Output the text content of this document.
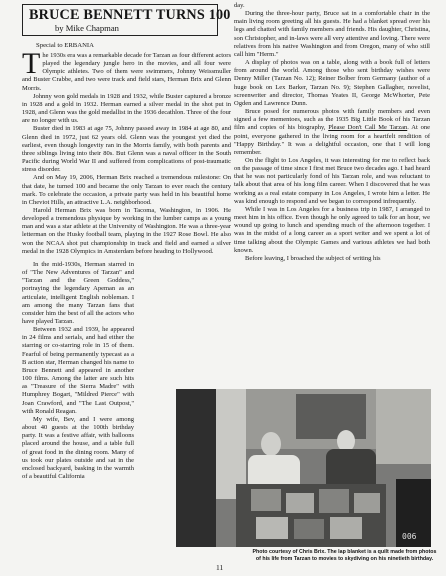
BRUCE BENNETT TURNS 100
by Mike Chapman
Special to ERBANIA

The 1930s era was a remarkable decade for Tarzan as four different actors played the legendary jungle hero in the movies, and all four were Olympic athletes. Two of them were swimmers, Johnny Weissmuller and Buster Crabbe, and two were track and field stars, Herman Brix and Glenn Morris.

Johnny won gold medals in 1928 and 1932, while Buster captured a bronze in 1928 and a gold in 1932. Herman earned a silver medal in the shot put in 1928, and Glenn was the gold medallist in the 1936 decathlon. Three of the four are no longer with us.

Buster died in 1983 at age 75, Johnny passed away in 1984 at age 80, and Glenn died in 1972, just 62 years old. Glenn was the youngest yet died the earliest, even though longevity ran in the Morris family, with both parents and three siblings living into their 80s. But Glenn was a naval officer in the South Pacific during World War II and suffered from complications of post-traumatic stress disorder.

And on May 19, 2006, Herman Brix reached a tremendous milestone: On that date, he turned 100 and became the only Tarzan to ever reach the century mark. To celebrate the occasion, a private party was held in his beautiful home in Cheviot Hills, an attractive L.A. neighborhood.

Harold Herman Brix was born in Tacoma, Washington, in 1906. He developed a tremendous physique by working in the lumber camps as a young man and was a star athlete at the University of Washington. He was a three-year letterman on the Husky football team, playing in the 1927 Rose Bowl. He also won the NCAA shot put championship in track and field and earned a silver medal in the 1928 Olympics in Amsterdam before heading to Hollywood.

In the mid-1930s, Herman starred in of "The New Adventures of Tarzan" and "Tarzan and the Green Goddess," portraying the legendary Apeman as an articulate, intelligent English nobleman. I am among the many Tarzan fans that consider him the best of all the actors who have played Tarzan.

Between 1932 and 1939, he appeared in 24 films and serials, and had either the starring or co-starring role in 15 of them. Fearful of being permanently typecast as a B action star, Herman changed his name to Bruce Bennett and appeared in another 100 films. Among the latter are such hits as "Treasure of the Sierra Madre" with Humphrey Bogart, "Mildred Pierce" with Joan Crawford, and "The Last Outpost," with Ronald Reagan.

My wife, Bev, and I were among about 40 guests at the 100th birthday party. It was a festive affair, with balloons placed around the house, and a table full of great food in the dining room. Many of us took our plates outside and sat in the enclosed backyard, basking in the warmth of a beautiful California

day.

During the three-hour party, Bruce sat in a comfortable chair in the main living room greeting all his guests. He had a blanket spread over his legs and chatted with family members and friends. His daughter, Christina, son Christopher, and in-laws were all very attentive and loving. There were relatives from his native Washington and from Oregon, many of who still call him "Herm."

A display of photos was on a table, along with a book full of letters from around the world. Among those who sent birthday wishes were Denny Miller (Tarzan No. 12); Reiner Bolber from Germany (author of a huge book on Lex Barker, Tarzan No. 9); Stephen Gallagher, novelist, screenwriter and director, Thomas Yeates II, George McWhorter, Pete Ogden and Lawrence Dunn.

Bruce posed for numerous photos with family members and even signed a few mementoes, such as the 1935 Big Little Book of his Tarzan film and copies of his biography, Please Don't Call Me Tarzan. At one point, everyone gathered in the living room for a heartfelt rendition of "Happy Birthday." It was a delightful occasion, one that I will long remember.

On the flight to Los Angeles, it was interesting for me to reflect back on the passage of time since I first met Bruce two decades ago. I had heard that he was not particularly fond of his Tarzan role, and was reluctant to talk about that area of his long film career. When I discovered that he was working as a real estate company in Los Angeles, I wrote him a letter. He was kind enough to respond and we began to correspond infrequently.

While I was in Los Angeles for a business trip in 1987, I arranged to meet him in his office. Even though he only agreed to talk for an hour, we wound up going to lunch and spending much of the afternoon together. I was in the midst of a long career as a sport writer and we spent a lot of time talking about the Olympic Games and various athletes we had both known.

Before leaving, I broached the subject of writing his

006
Photo courtesy of Chris Brix. The lap blanket is a quilt made from photos of his life from Tarzan to movies to skydiving on his ninetieth birthday.
11
